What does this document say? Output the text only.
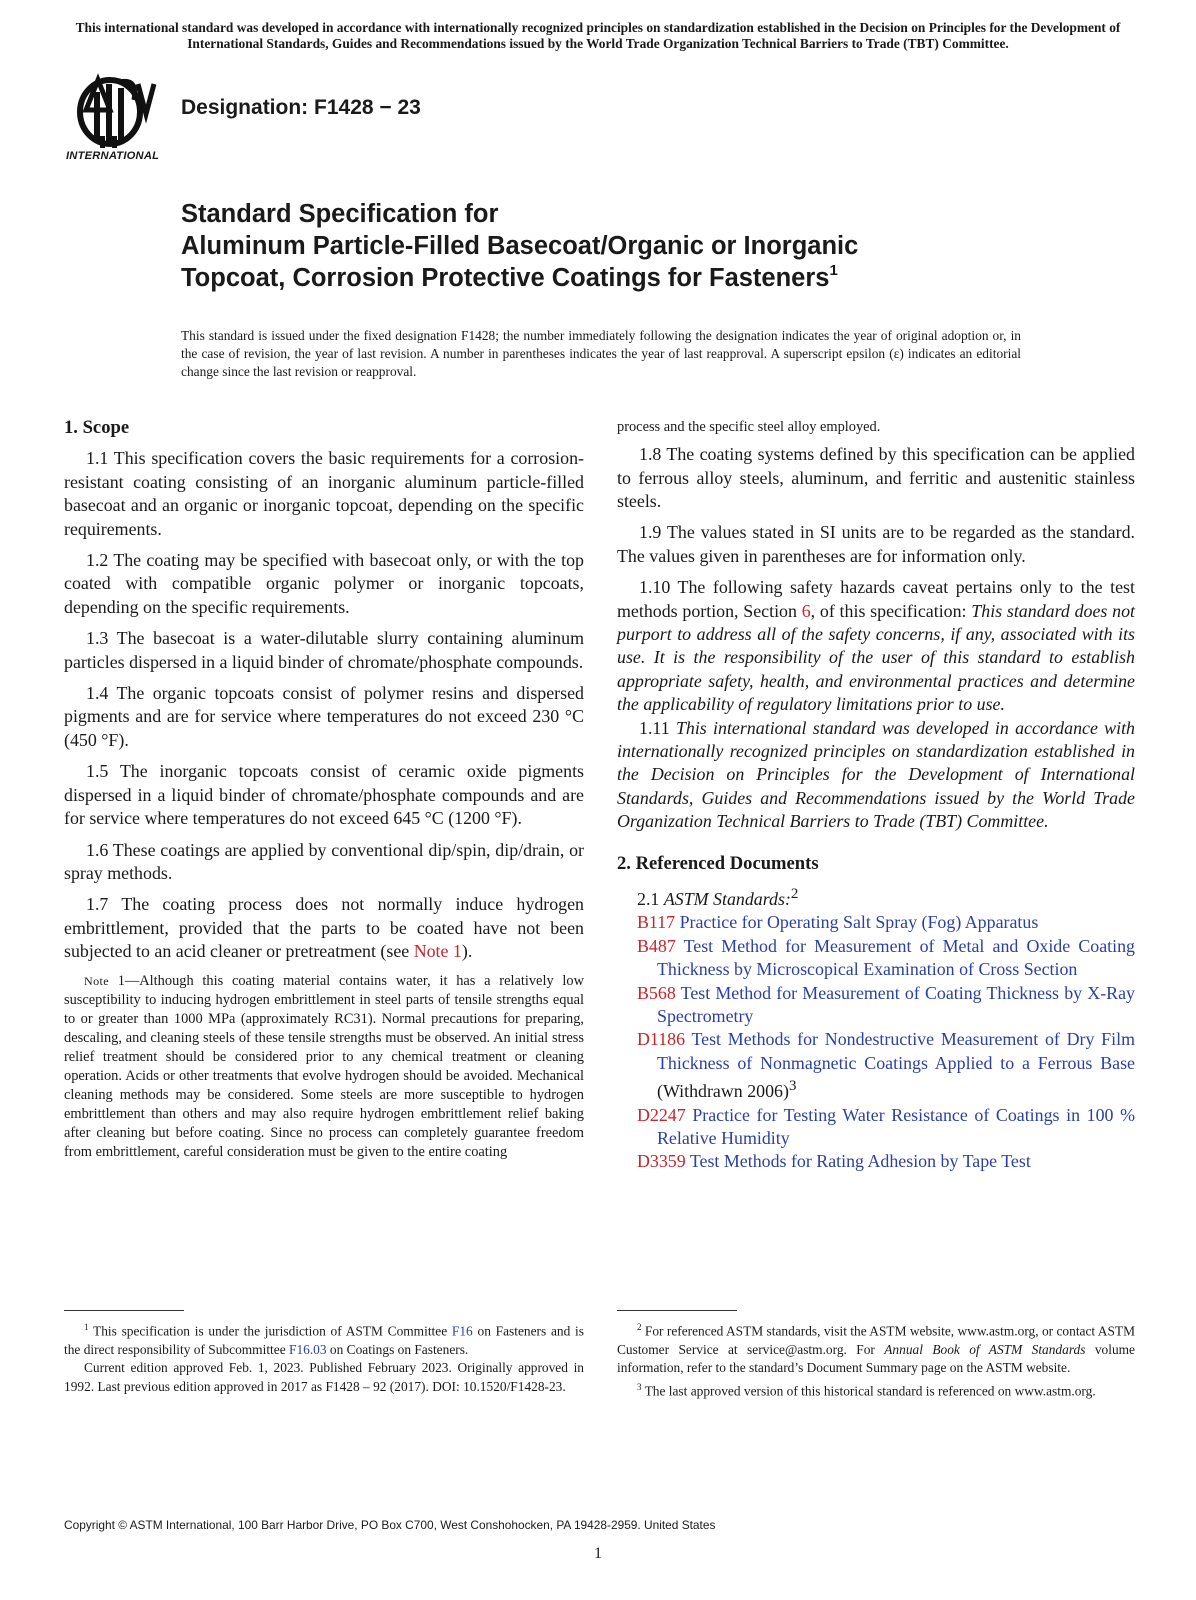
This international standard was developed in accordance with internationally recognized principles on standardization established in the Decision on Principles for the Development of International Standards, Guides and Recommendations issued by the World Trade Organization Technical Barriers to Trade (TBT) Committee.
INTERNATIONAL
Designation: F1428 − 23
Standard Specification for
Aluminum Particle-Filled Basecoat/Organic or Inorganic
Topcoat, Corrosion Protective Coatings for Fasteners$^1$
This standard is issued under the fixed designation F1428; the number immediately following the designation indicates the year of original adoption or, in the case of revision, the year of last revision. A number in parentheses indicates the year of last reapproval. A superscript epsilon (ε) indicates an editorial change since the last revision or reapproval.
1. Scope

1.1 This specification covers the basic requirements for a corrosion-resistant coating consisting of an inorganic aluminum particle-filled basecoat and an organic or inorganic topcoat, depending on the specific requirements.

1.2 The coating may be specified with basecoat only, or with the top coated with compatible organic polymer or inorganic topcoats, depending on the specific requirements.

1.3 The basecoat is a water-dilutable slurry containing aluminum particles dispersed in a liquid binder of chromate/phosphate compounds.

1.4 The organic topcoats consist of polymer resins and dispersed pigments and are for service where temperatures do not exceed 230 °C (450 °F).

1.5 The inorganic topcoats consist of ceramic oxide pigments dispersed in a liquid binder of chromate/phosphate compounds and are for service where temperatures do not exceed 645 °C (1200 °F).

1.6 These coatings are applied by conventional dip/spin, dip/drain, or spray methods.

1.7 The coating process does not normally induce hydrogen embrittlement, provided that the parts to be coated have not been subjected to an acid cleaner or pretreatment (see Note 1).

Note 1—Although this coating material contains water, it has a relatively low susceptibility to inducing hydrogen embrittlement in steel parts of tensile strengths equal to or greater than 1000 MPa (approximately RC31). Normal precautions for preparing, descaling, and cleaning steels of these tensile strengths must be observed. An initial stress relief treatment should be considered prior to any chemical treatment or cleaning operation. Acids or other treatments that evolve hydrogen should be avoided. Mechanical cleaning methods may be considered. Some steels are more susceptible to hydrogen embrittlement than others and may also require hydrogen embrittlement relief baking after cleaning but before coating. Since no process can completely guarantee freedom from embrittlement, careful consideration must be given to the entire coating

process and the specific steel alloy employed.

1.8 The coating systems defined by this specification can be applied to ferrous alloy steels, aluminum, and ferritic and austenitic stainless steels.

1.9 The values stated in SI units are to be regarded as the standard. The values given in parentheses are for information only.

1.10 The following safety hazards caveat pertains only to the test methods portion, Section 6, of this specification: This standard does not purport to address all of the safety concerns, if any, associated with its use. It is the responsibility of the user of this standard to establish appropriate safety, health, and environmental practices and determine the applicability of regulatory limitations prior to use.

1.11 This international standard was developed in accordance with internationally recognized principles on standardization established in the Decision on Principles for the Development of International Standards, Guides and Recommendations issued by the World Trade Organization Technical Barriers to Trade (TBT) Committee.

2. Referenced Documents

2.1 ASTM Standards:$^2$

B117 Practice for Operating Salt Spray (Fog) Apparatus

B487 Test Method for Measurement of Metal and Oxide Coating Thickness by Microscopical Examination of Cross Section

B568 Test Method for Measurement of Coating Thickness by X-Ray Spectrometry

D1186 Test Methods for Nondestructive Measurement of Dry Film Thickness of Nonmagnetic Coatings Applied to a Ferrous Base (Withdrawn 2006)$^3$

D2247 Practice for Testing Water Resistance of Coatings in 100 % Relative Humidity

D3359 Test Methods for Rating Adhesion by Tape Test

$^1$ This specification is under the jurisdiction of ASTM Committee F16 on Fasteners and is the direct responsibility of Subcommittee F16.03 on Coatings on Fasteners.

Current edition approved Feb. 1, 2023. Published February 2023. Originally approved in 1992. Last previous edition approved in 2017 as F1428 – 92 (2017). DOI: 10.1520/F1428-23.

$^2$ For referenced ASTM standards, visit the ASTM website, www.astm.org, or contact ASTM Customer Service at service@astm.org. For Annual Book of ASTM Standards volume information, refer to the standard’s Document Summary page on the ASTM website.

$^3$ The last approved version of this historical standard is referenced on www.astm.org.

Copyright © ASTM International, 100 Barr Harbor Drive, PO Box C700, West Conshohocken, PA 19428-2959. United States
1
